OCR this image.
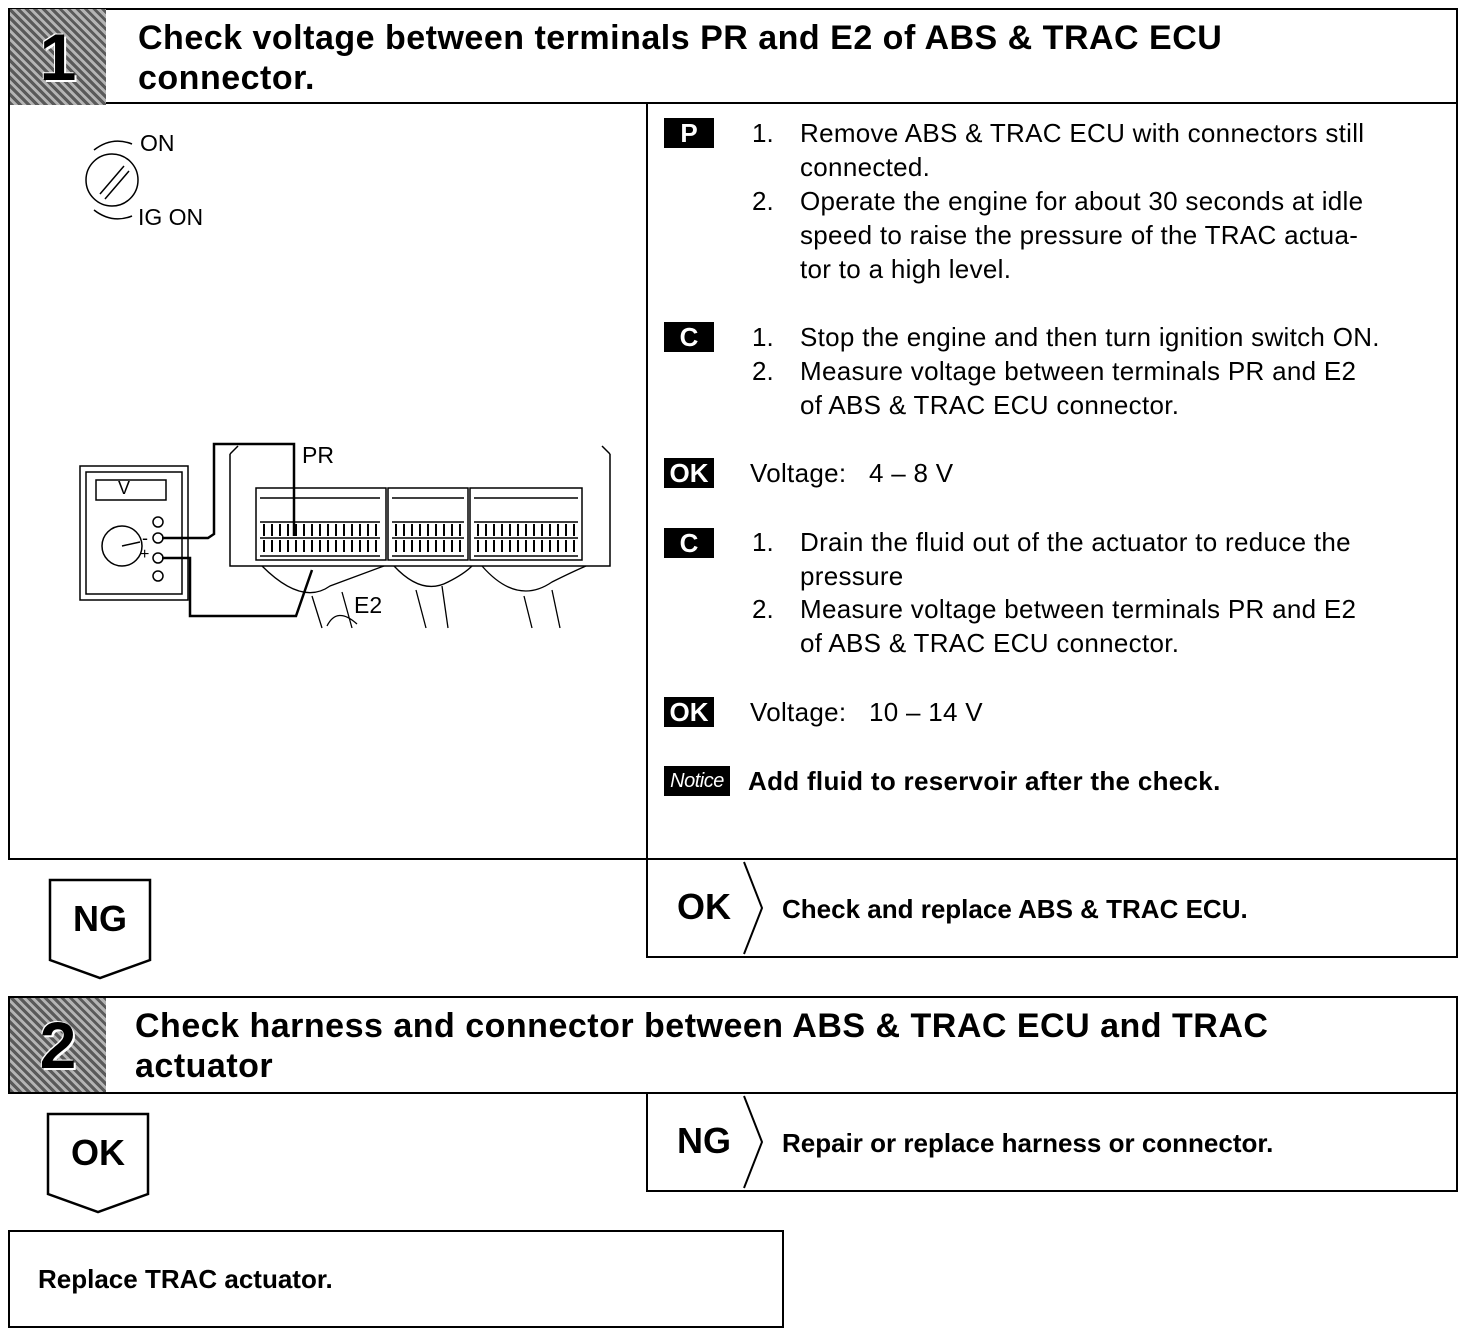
1 Check voltage between terminals PR and E2 of ABS & TRAC ECU
connector.
ON
IG ON
V
-
+
PR
E2
P	1.	Remove ABS & TRAC ECU with connectors still
connected.
2.	Operate the engine for about 30 seconds at idle
speed to raise the pressure of the TRAC actua-
tor to a high level.
C	1.	Stop the engine and then turn ignition switch ON.
2.	Measure voltage between terminals PR and E2
of ABS & TRAC ECU connector.
OK Voltage:   4 – 8 V
C	1.	Drain the fluid out of the actuator to reduce the
pressure
2.	Measure voltage between terminals PR and E2
of ABS & TRAC ECU connector.
OK Voltage:   10 – 14 V
Notice Add fluid to reservoir after the check.
NG	OK	Check and replace ABS & TRAC ECU.
2 Check harness and connector between ABS & TRAC ECU and TRAC
actuator
OK	NG	Repair or replace harness or connector.
Replace TRAC actuator.
